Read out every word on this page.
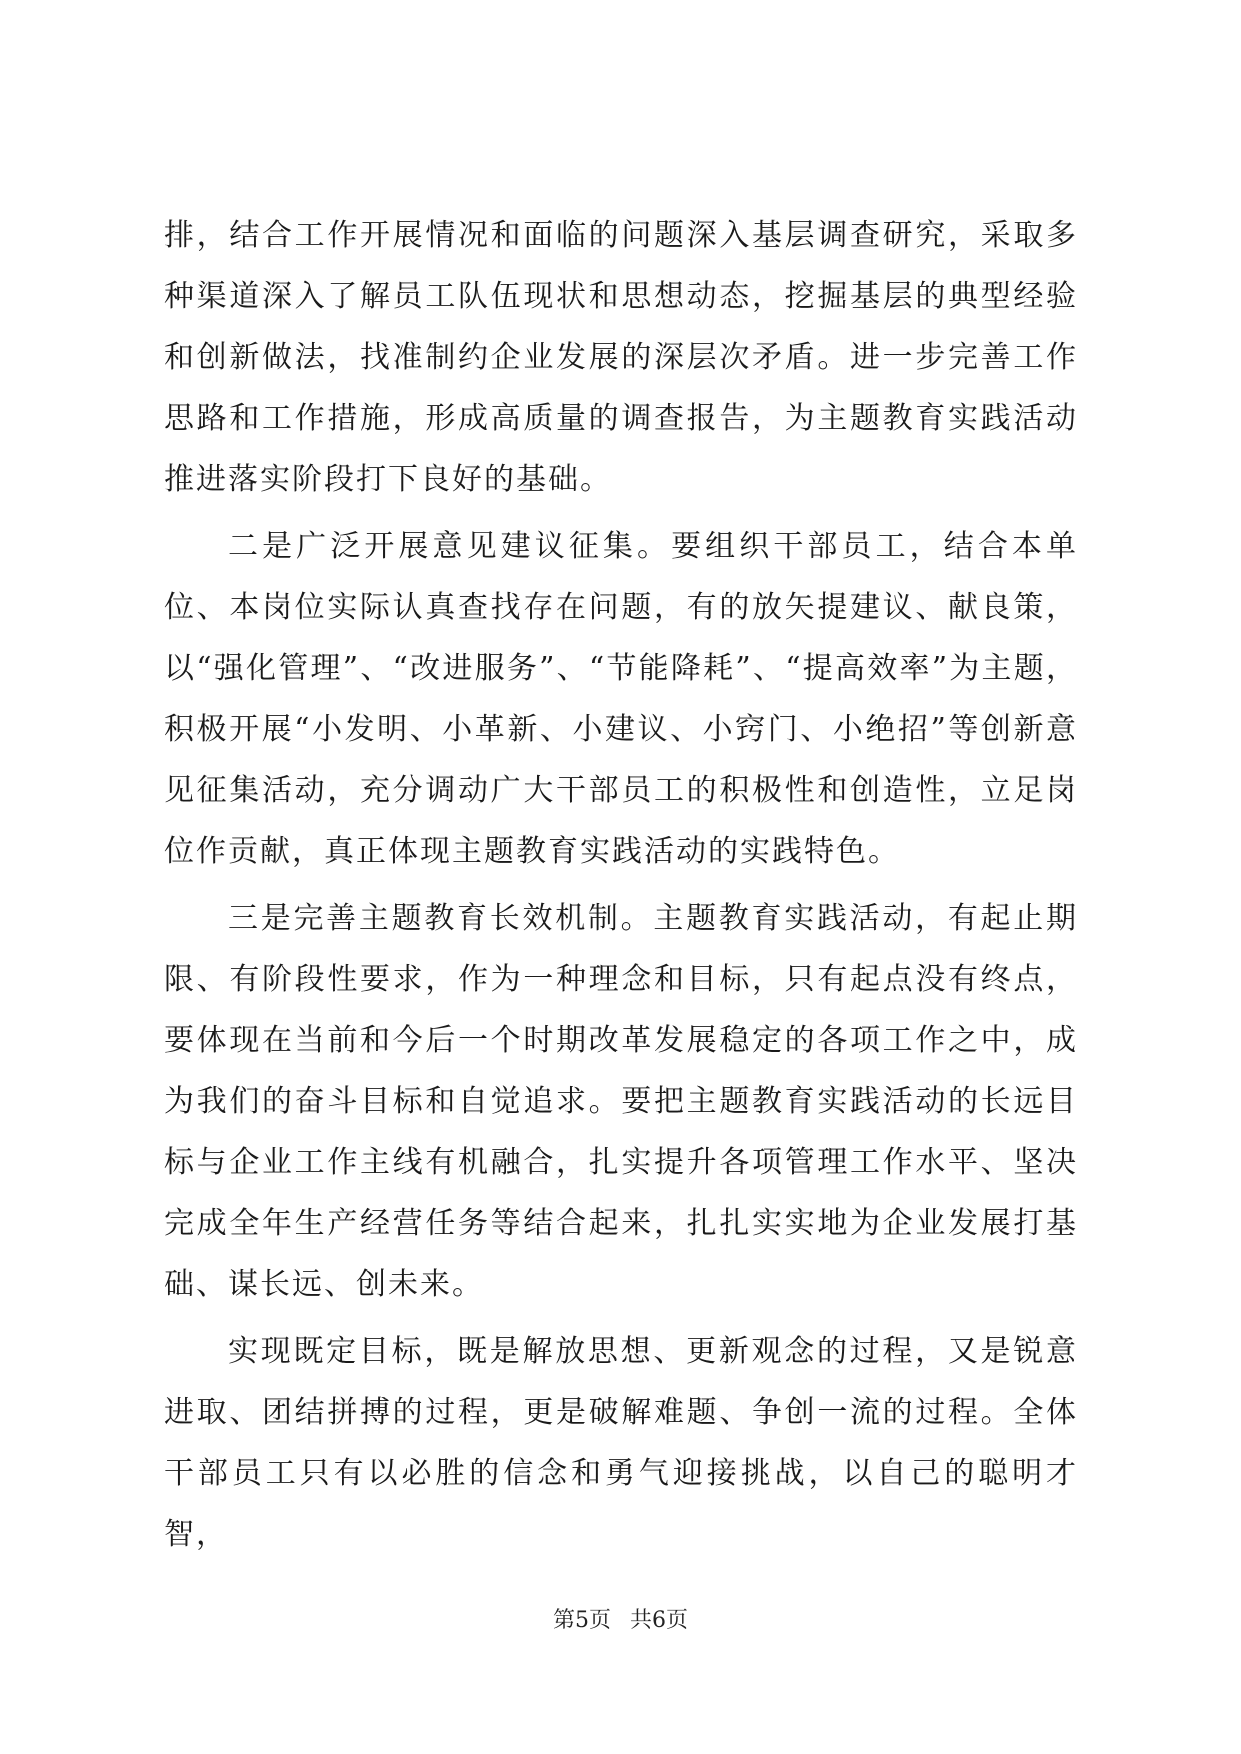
排，结合工作开展情况和面临的问题深入基层调查研究，采取多种渠道深入了解员工队伍现状和思想动态，挖掘基层的典型经验和创新做法，找准制约企业发展的深层次矛盾。进一步完善工作思路和工作措施，形成高质量的调查报告，为主题教育实践活动推进落实阶段打下良好的基础。

二是广泛开展意见建议征集。要组织干部员工，结合本单位、本岗位实际认真查找存在问题，有的放矢提建议、献良策，以“强化管理”、“改进服务”、“节能降耗”、“提高效率”为主题，积极开展“小发明、小革新、小建议、小窍门、小绝招”等创新意见征集活动，充分调动广大干部员工的积极性和创造性，立足岗位作贡献，真正体现主题教育实践活动的实践特色。

三是完善主题教育长效机制。主题教育实践活动，有起止期限、有阶段性要求，作为一种理念和目标，只有起点没有终点，要体现在当前和今后一个时期改革发展稳定的各项工作之中，成为我们的奋斗目标和自觉追求。要把主题教育实践活动的长远目标与企业工作主线有机融合，扎实提升各项管理工作水平、坚决完成全年生产经营任务等结合起来，扎扎实实地为企业发展打基础、谋长远、创未来。

实现既定目标，既是解放思想、更新观念的过程，又是锐意进取、团结拼搏的过程，更是破解难题、争创一流的过程。全体干部员工只有以必胜的信念和勇气迎接挑战，以自己的聪明才智，

第5页 共6页
